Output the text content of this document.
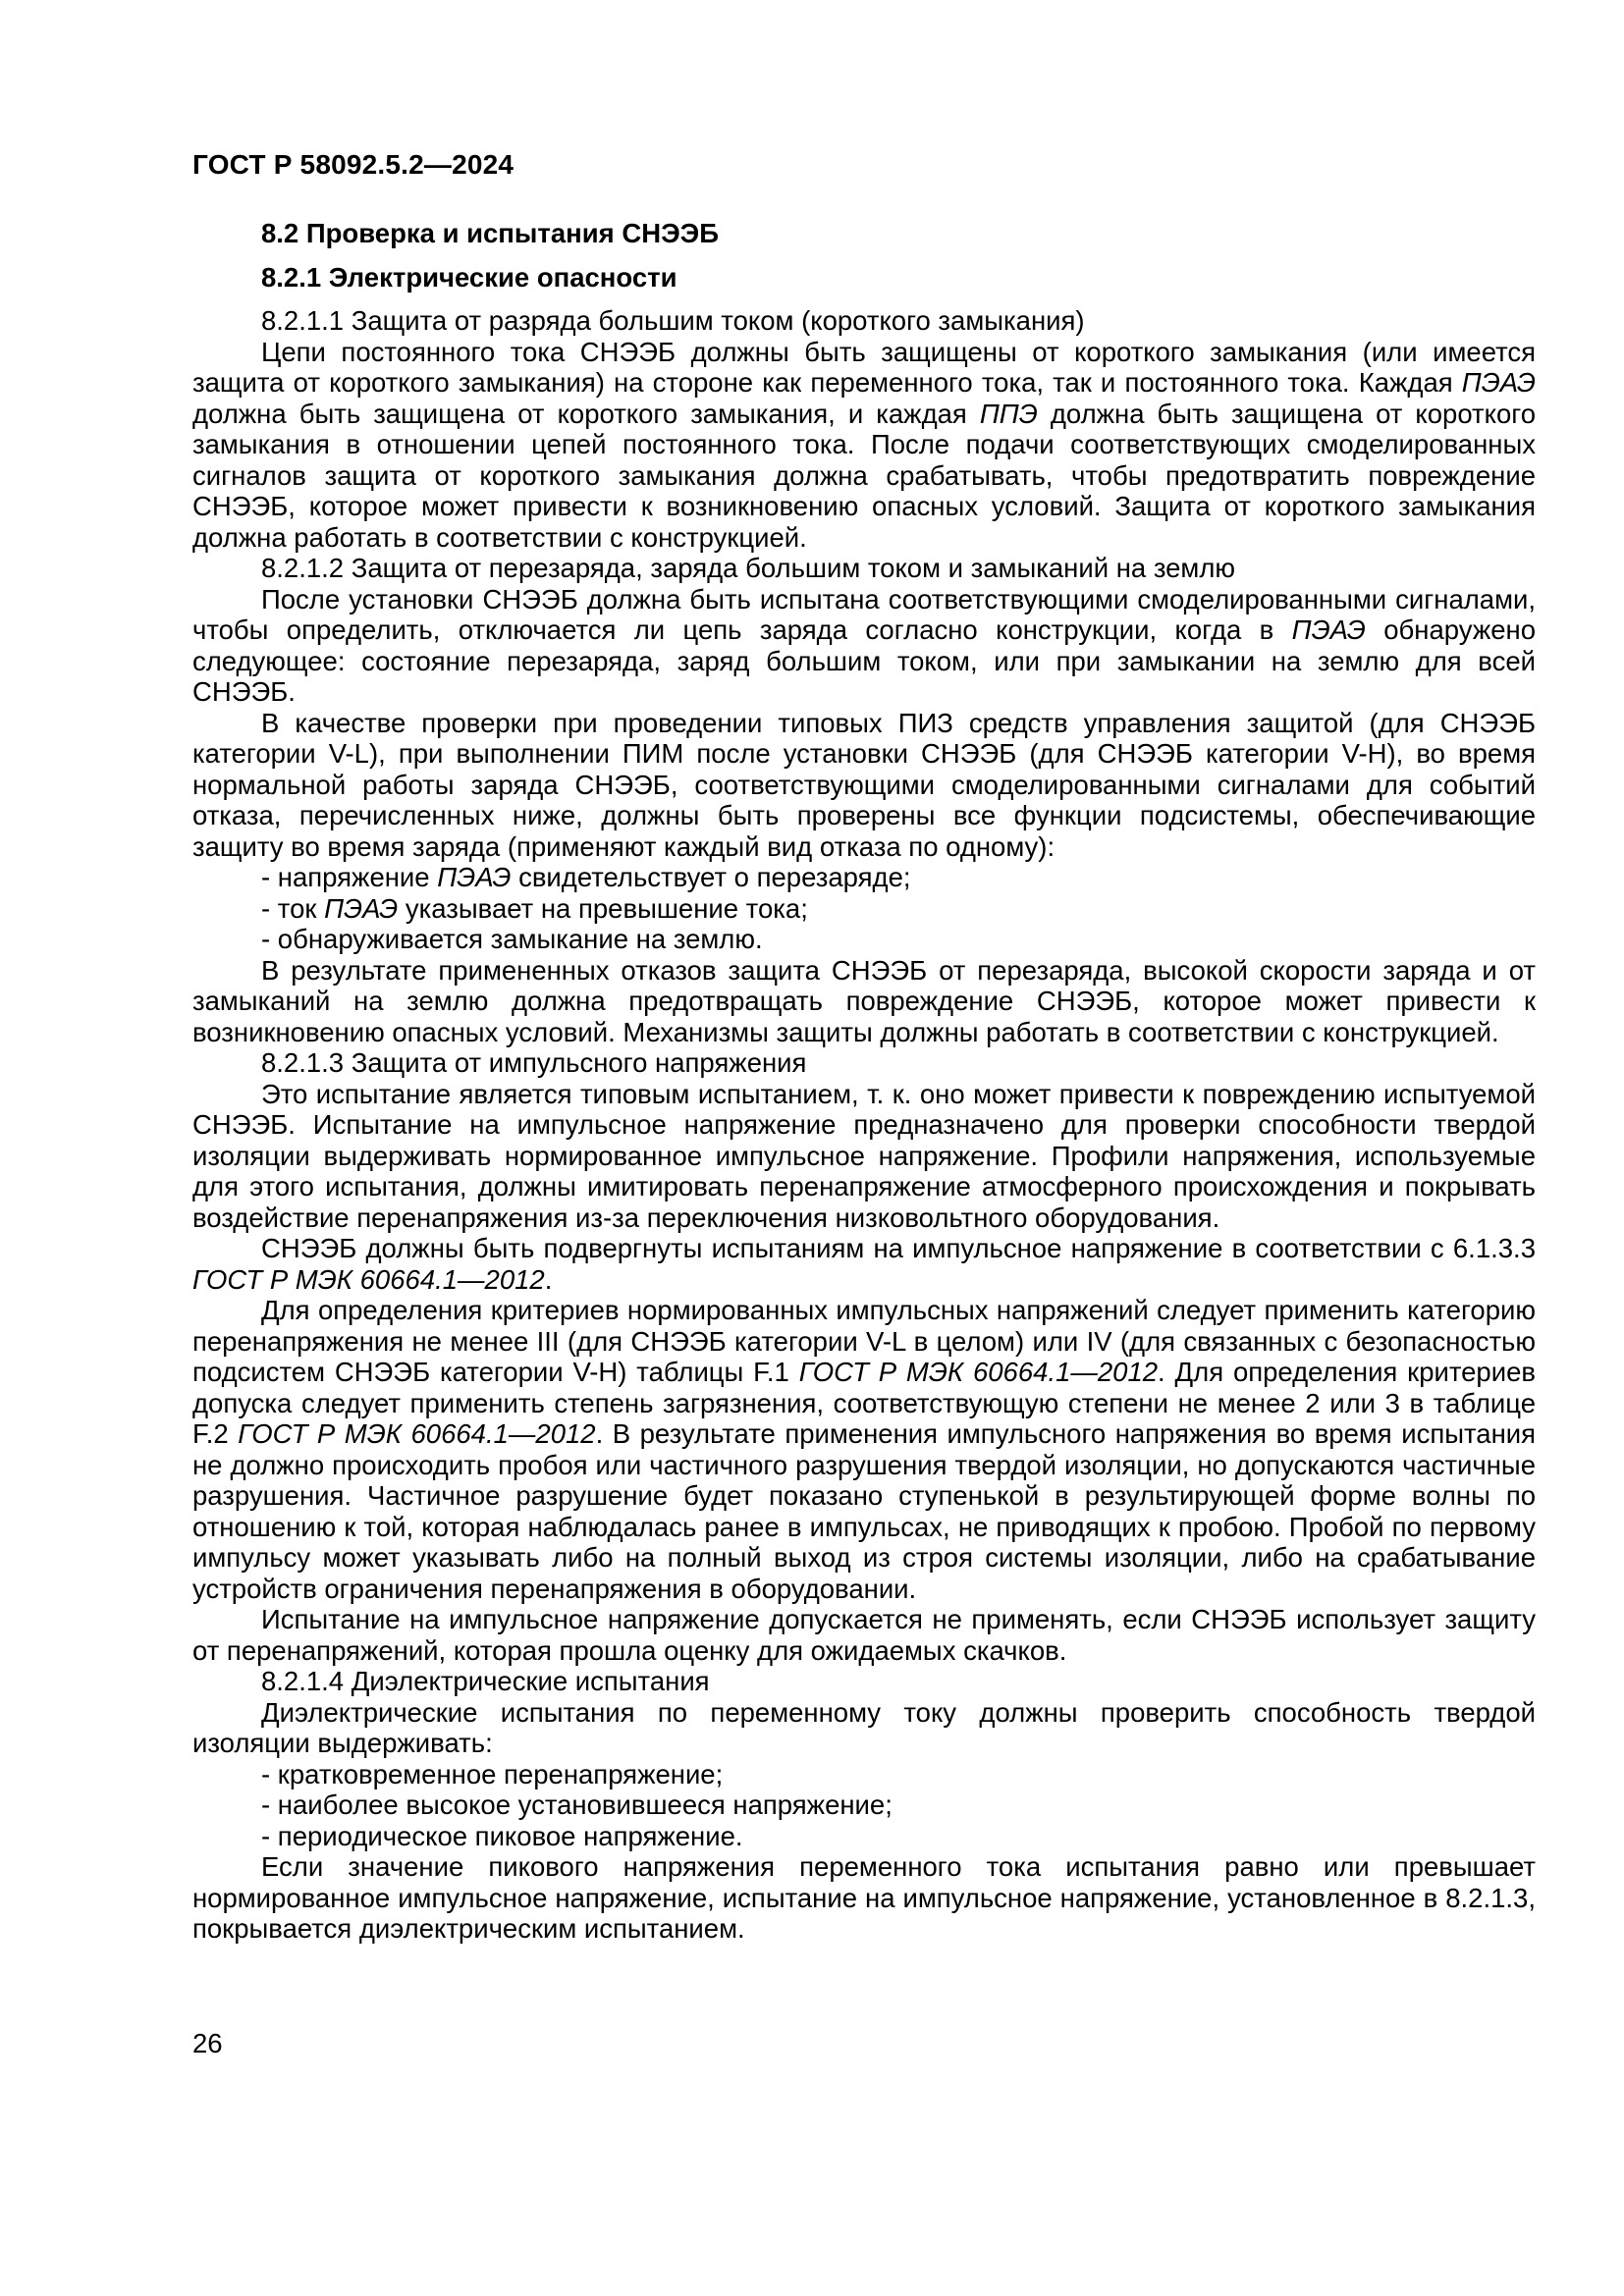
ГОСТ Р 58092.5.2—2024
8.2 Проверка и испытания СНЭЭБ
8.2.1 Электрические опасности
8.2.1.1 Защита от разряда большим током (короткого замыкания)
Цепи постоянного тока СНЭЭБ должны быть защищены от короткого замыкания (или имеется защита от короткого замыкания) на стороне как переменного тока, так и постоянного тока. Каждая ПЭАЭ должна быть защищена от короткого замыкания, и каждая ППЭ должна быть защищена от короткого замыкания в отношении цепей постоянного тока. После подачи соответствующих смоделированных сигналов защита от короткого замыкания должна срабатывать, чтобы предотвратить повреждение СНЭЭБ, которое может привести к возникновению опасных условий. Защита от короткого замыкания должна работать в соответствии с конструкцией.
8.2.1.2 Защита от перезаряда, заряда большим током и замыканий на землю
После установки СНЭЭБ должна быть испытана соответствующими смоделированными сигналами, чтобы определить, отключается ли цепь заряда согласно конструкции, когда в ПЭАЭ обнаружено следующее: состояние перезаряда, заряд большим током, или при замыкании на землю для всей СНЭЭБ.
В качестве проверки при проведении типовых ПИЗ средств управления защитой (для СНЭЭБ категории V-L), при выполнении ПИМ после установки СНЭЭБ (для СНЭЭБ категории V-H), во время нормальной работы заряда СНЭЭБ, соответствующими смоделированными сигналами для событий отказа, перечисленных ниже, должны быть проверены все функции подсистемы, обеспечивающие защиту во время заряда (применяют каждый вид отказа по одному):
- напряжение ПЭАЭ свидетельствует о перезаряде;
- ток ПЭАЭ указывает на превышение тока;
- обнаруживается замыкание на землю.
В результате примененных отказов защита СНЭЭБ от перезаряда, высокой скорости заряда и от замыканий на землю должна предотвращать повреждение СНЭЭБ, которое может привести к возникновению опасных условий. Механизмы защиты должны работать в соответствии с конструкцией.
8.2.1.3 Защита от импульсного напряжения
Это испытание является типовым испытанием, т. к. оно может привести к повреждению испытуемой СНЭЭБ. Испытание на импульсное напряжение предназначено для проверки способности твердой изоляции выдерживать нормированное импульсное напряжение. Профили напряжения, используемые для этого испытания, должны имитировать перенапряжение атмосферного происхождения и покрывать воздействие перенапряжения из-за переключения низковольтного оборудования.
СНЭЭБ должны быть подвергнуты испытаниям на импульсное напряжение в соответствии с 6.1.3.3 ГОСТ Р МЭК 60664.1—2012.
Для определения критериев нормированных импульсных напряжений следует применить категорию перенапряжения не менее III (для СНЭЭБ категории V-L в целом) или IV (для связанных с безопасностью подсистем СНЭЭБ категории V-H) таблицы F.1 ГОСТ Р МЭК 60664.1—2012. Для определения критериев допуска следует применить степень загрязнения, соответствующую степени не менее 2 или 3 в таблице F.2 ГОСТ Р МЭК 60664.1—2012. В результате применения импульсного напряжения во время испытания не должно происходить пробоя или частичного разрушения твердой изоляции, но допускаются частичные разрушения. Частичное разрушение будет показано ступенькой в результирующей форме волны по отношению к той, которая наблюдалась ранее в импульсах, не приводящих к пробою. Пробой по первому импульсу может указывать либо на полный выход из строя системы изоляции, либо на срабатывание устройств ограничения перенапряжения в оборудовании.
Испытание на импульсное напряжение допускается не применять, если СНЭЭБ использует защиту от перенапряжений, которая прошла оценку для ожидаемых скачков.
8.2.1.4 Диэлектрические испытания
Диэлектрические испытания по переменному току должны проверить способность твердой изоляции выдерживать:
- кратковременное перенапряжение;
- наиболее высокое установившееся напряжение;
- периодическое пиковое напряжение.
Если значение пикового напряжения переменного тока испытания равно или превышает нормированное импульсное напряжение, испытание на импульсное напряжение, установленное в 8.2.1.3, покрывается диэлектрическим испытанием.
26
